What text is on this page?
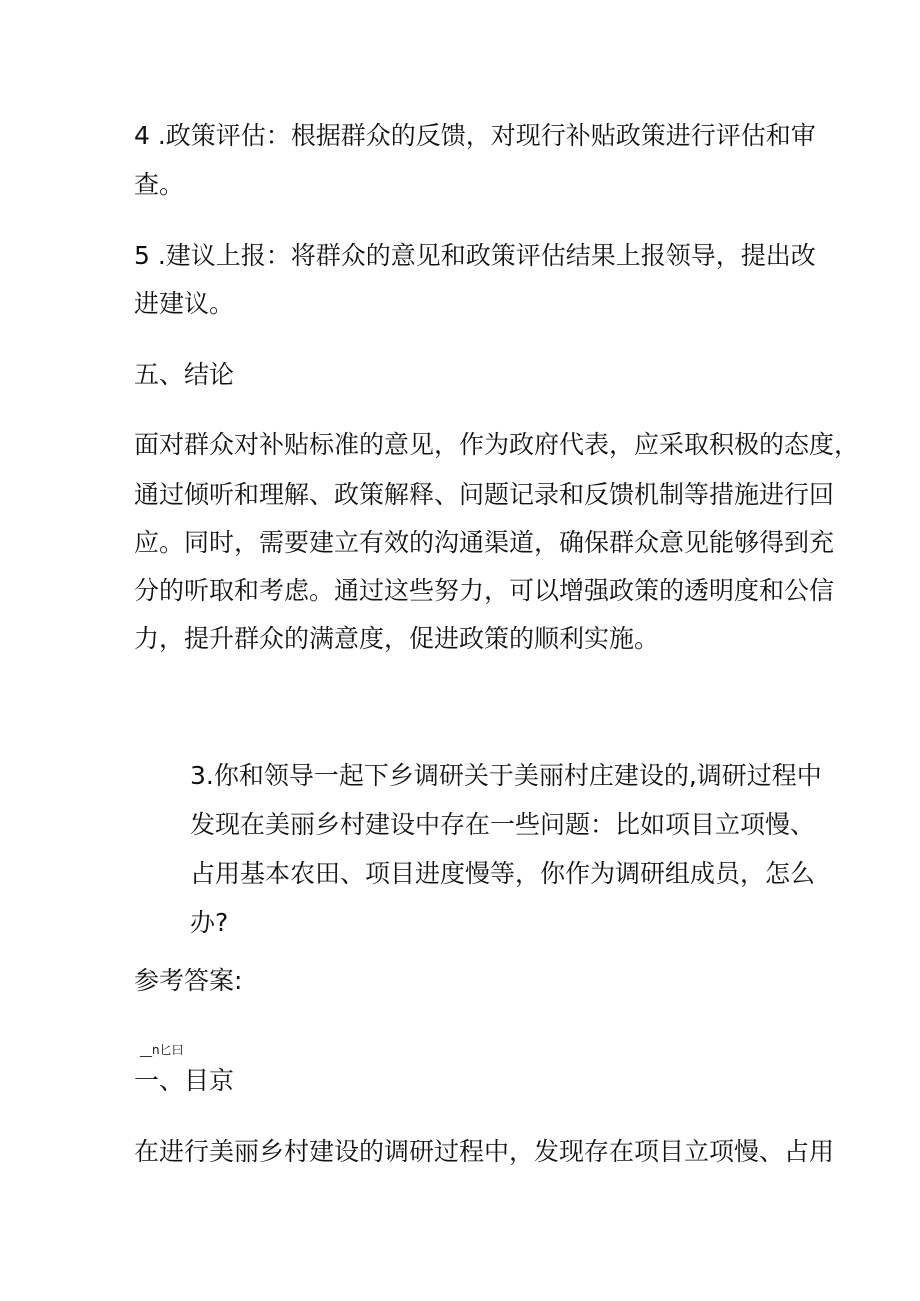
4 .政策评估：根据群众的反馈，对现行补贴政策进行评估和审
查。
5 .建议上报：将群众的意见和政策评估结果上报领导，提出改
进建议。
五、结论
面对群众对补贴标准的意见，作为政府代表，应采取积极的态度，
通过倾听和理解、政策解释、问题记录和反馈机制等措施进行回
应。同时，需要建立有效的沟通渠道，确保群众意见能够得到充
分的听取和考虑。通过这些努力，可以增强政策的透明度和公信
力，提升群众的满意度，促进政策的顺利实施。
3.你和领导一起下乡调研关于美丽村庄建设的,调研过程中
发现在美丽乡村建设中存在一些问题：比如项目立项慢、
占用基本农田、项目进度慢等，你作为调研组成员，怎么
办?
参考答案:
__n匕曰
一、目京
在进行美丽乡村建设的调研过程中，发现存在项目立项慢、占用
